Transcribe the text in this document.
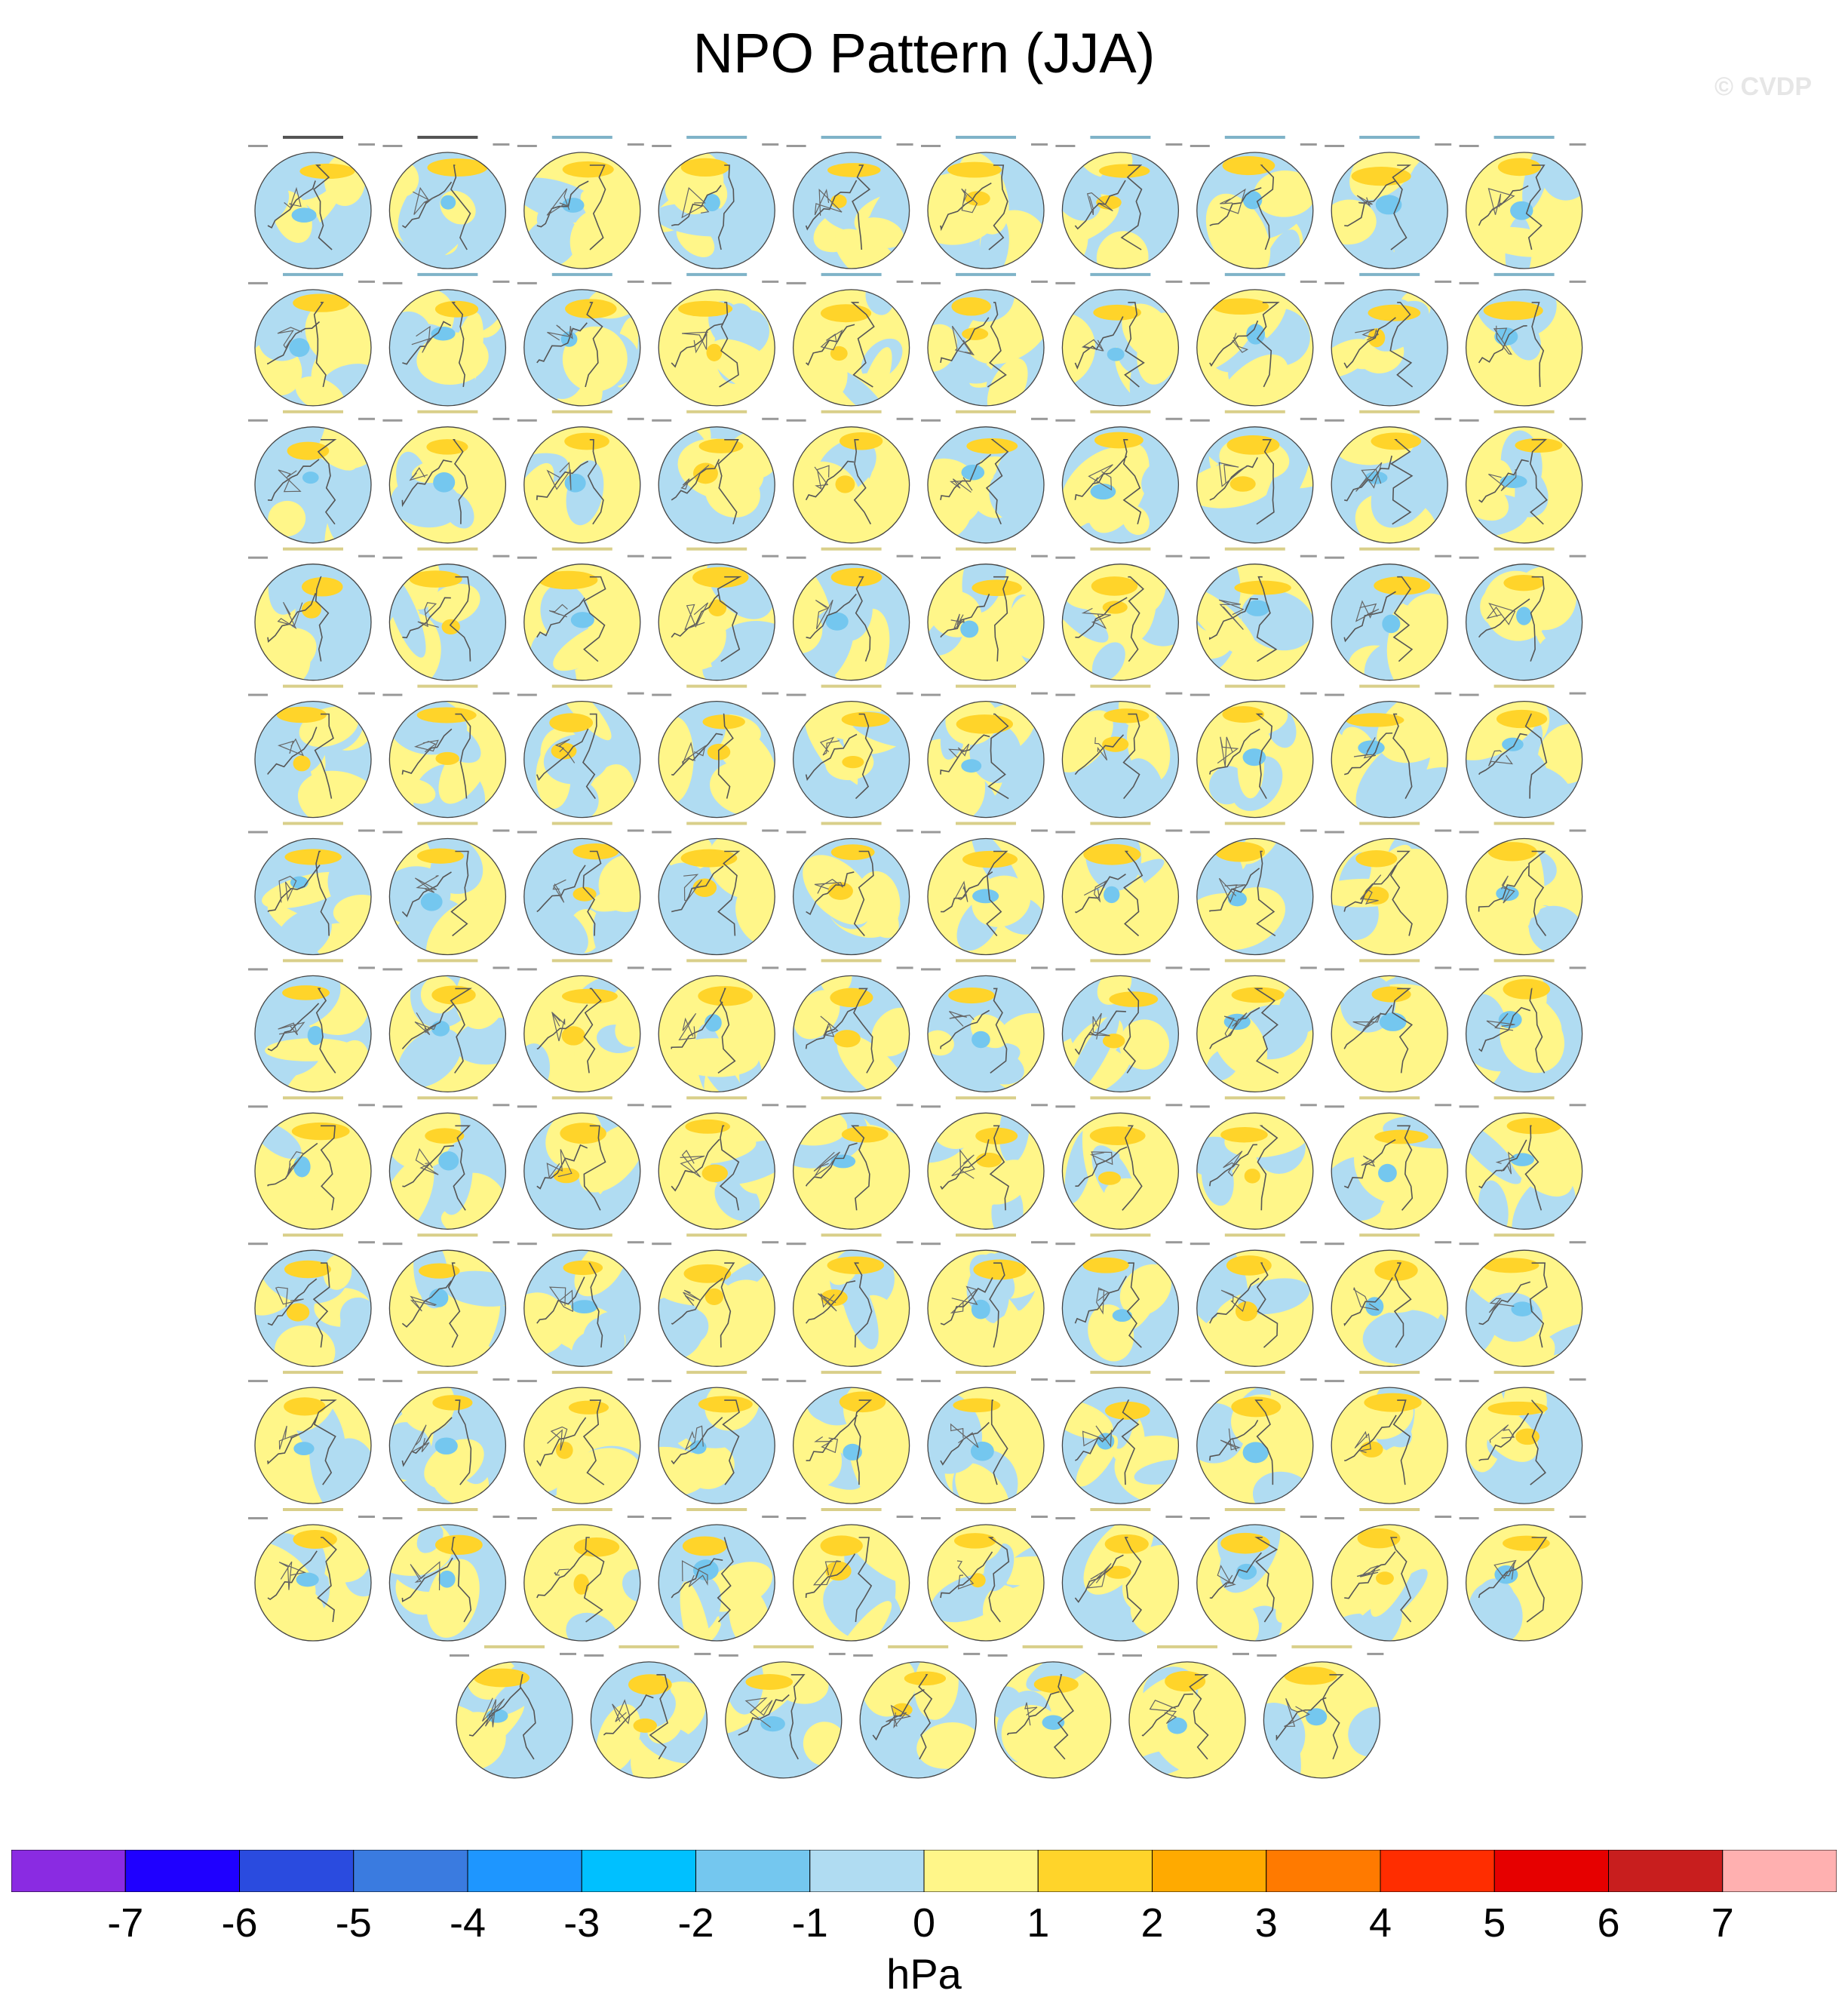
NPO Pattern (JJA)
© CVDP
-7 -6 -5 -4 -3 -2 -1 0 1 2 3 4 5 6 7
hPa
